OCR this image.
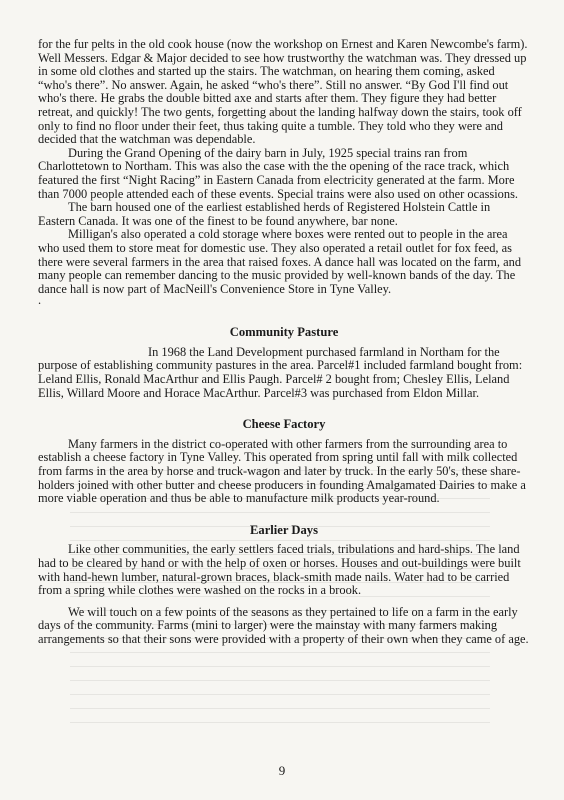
for the fur pelts in the old cook house (now the workshop on Ernest and Karen Newcombe's farm). Well Messers. Edgar & Major decided to see how trustworthy the watchman was. They dressed up in some old clothes and started up the stairs. The watchman, on hearing them coming, asked “who's there”. No answer. Again, he asked “who's there”. Still no answer. “By God I'll find out who's there. He grabs the double bitted axe and starts after them. They figure they had better retreat, and quickly! The two gents, forgetting about the landing halfway down the stairs, took off only to find no floor under their feet, thus taking quite a tumble. They told who they were and decided that the watchman was dependable.

During the Grand Opening of the dairy barn in July, 1925 special trains ran from Charlottetown to Northam. This was also the case with the the opening of the race track, which featured the first “Night Racing” in Eastern Canada from electricity generated at the farm. More than 7000 people attended each of these events. Special trains were also used on other ocassions.

The barn housed one of the earliest established herds of Registered Holstein Cattle in Eastern Canada. It was one of the finest to be found anywhere, bar none.

Milligan's also operated a cold storage where boxes were rented out to people in the area who used them to store meat for domestic use. They also operated a retail outlet for fox feed, as there were several farmers in the area that raised foxes. A dance hall was located on the farm, and many people can remember dancing to the music provided by well-known bands of the day. The dance hall is now part of MacNeill's Convenience Store in Tyne Valley.

.

Community Pasture

In 1968 the Land Development purchased farmland in Northam for the purpose of establishing community pastures in the area. Parcel#1 included farmland bought from: Leland Ellis, Ronald MacArthur and Ellis Paugh. Parcel# 2 bought from; Chesley Ellis, Leland Ellis, Willard Moore and Horace MacArthur. Parcel#3 was purchased from Eldon Millar.

Cheese Factory

Many farmers in the district co-operated with other farmers from the surrounding area to establish a cheese factory in Tyne Valley. This operated from spring until fall with milk collected from farms in the area by horse and truck-wagon and later by truck. In the early 50's, these share-holders joined with other butter and cheese producers in founding Amalgamated Dairies to make a more viable operation and thus be able to manufacture milk products year-round.

Earlier Days

Like other communities, the early settlers faced trials, tribulations and hard-ships. The land had to be cleared by hand or with the help of oxen or horses. Houses and out-buildings were built with hand-hewn lumber, natural-grown braces, black-smith made nails. Water had to be carried from a spring while clothes were washed on the rocks in a brook.

We will touch on a few points of the seasons as they pertained to life on a farm in the early days of the community. Farms (mini to larger) were the mainstay with many farmers making arrangements so that their sons were provided with a property of their own when they came of age.

9
